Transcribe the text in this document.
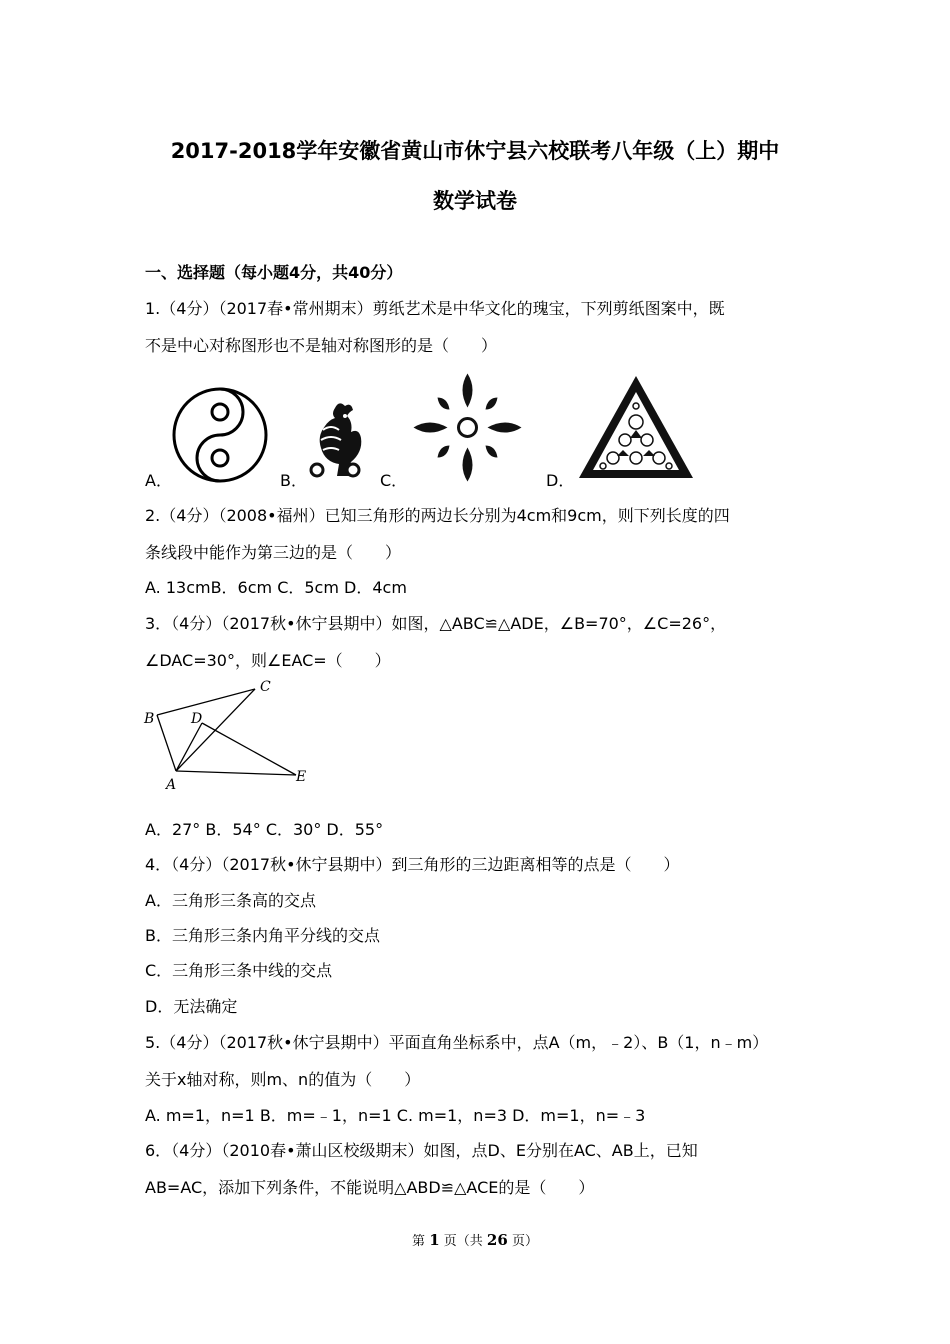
2017-2018学年安徽省黄山市休宁县六校联考八年级（上）期中
数学试卷
一、选择题（每小题4分，共40分）
1.（4分）（2017春•常州期末）剪纸艺术是中华文化的瑰宝，下列剪纸图案中，既
不是中心对称图形也不是轴对称图形的是（　　）
A．	B．	C．	D．
2.（4分）（2008•福州）已知三角形的两边长分别为4cm和9cm，则下列长度的四
条线段中能作为第三边的是（　　）
A. 13cmB．6cm C．5cm D．4cm
3．（4分）（2017秋•休宁县期中）如图，△ABC≌△ADE，∠B=70°，∠C=26°，
∠DAC=30°，则∠EAC=（　　）
B
C
D
A	E
A．27° B．54° C．30° D．55°
4．（4分）（2017秋•休宁县期中）到三角形的三边距离相等的点是（　　）
A．三角形三条高的交点
B．三角形三条内角平分线的交点
C．三角形三条中线的交点
D．无法确定
5.（4分）（2017秋•休宁县期中）平面直角坐标系中，点A（m，﹣2）、B（1，n﹣m）
关于x轴对称，则m、n的值为（　　）
A. m=1，n=1 B．m=﹣1，n=1 C. m=1，n=3 D．m=1，n=﹣3
6．（4分）（2010春•萧山区校级期末）如图，点D、E分别在AC、AB上，已知
AB=AC，添加下列条件，不能说明△ABD≌△ACE的是（　　）
第 1 页（共 26 页）
